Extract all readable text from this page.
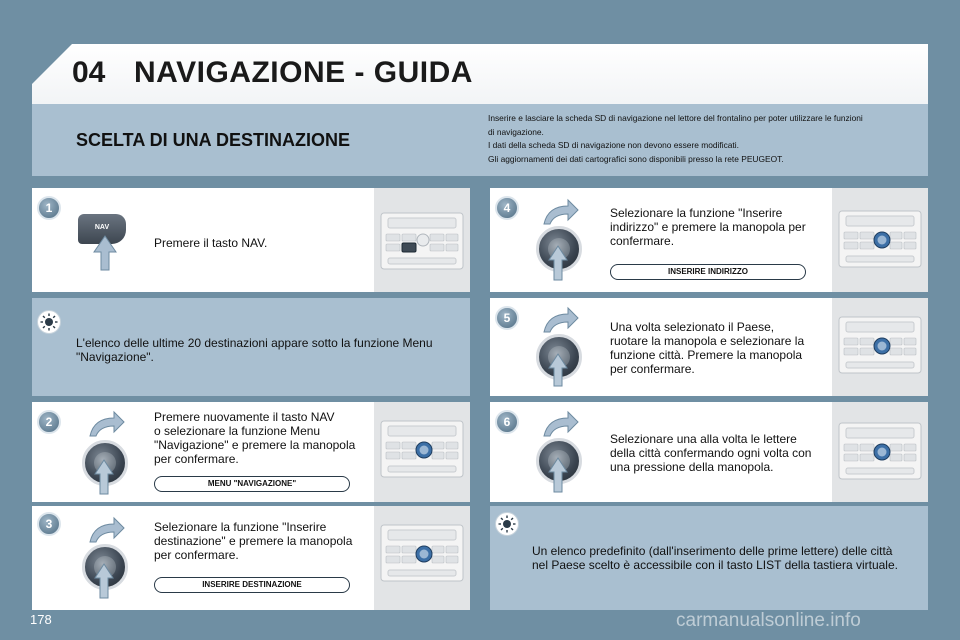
04 NAVIGAZIONE - GUIDA
SCELTA DI UNA DESTINAZIONE
Inserire e lasciare la scheda SD di navigazione nel lettore del frontalino per poter utilizzare le funzioni
di navigazione.
I dati della scheda SD di navigazione non devono essere modificati.
Gli aggiornamenti dei dati cartografici sono disponibili presso la rete PEUGEOT.
1
NAV
Premere il tasto NAV.
L'elenco delle ultime 20 destinazioni appare sotto la funzione Menu
"Navigazione".
2	Premere nuovamente il tasto NAV
o selezionare la funzione Menu
"Navigazione" e premere la manopola
per confermare.
MENU "NAVIGAZIONE"
3	Selezionare la funzione "Inserire
destinazione" e premere la manopola
per confermare.
INSERIRE DESTINAZIONE
4	Selezionare la funzione "Inserire
indirizzo" e premere la manopola per
confermare.
INSERIRE INDIRIZZO
5
Una volta selezionato il Paese,
ruotare la manopola e selezionare la
funzione città. Premere la manopola
per confermare.
6
Selezionare una alla volta le lettere
della città confermando ogni volta con
una pressione della manopola.
Un elenco predefinito (dall'inserimento delle prime lettere) delle città
nel Paese scelto è accessibile con il tasto LIST della tastiera virtuale.
178	carmanualsonline.info
